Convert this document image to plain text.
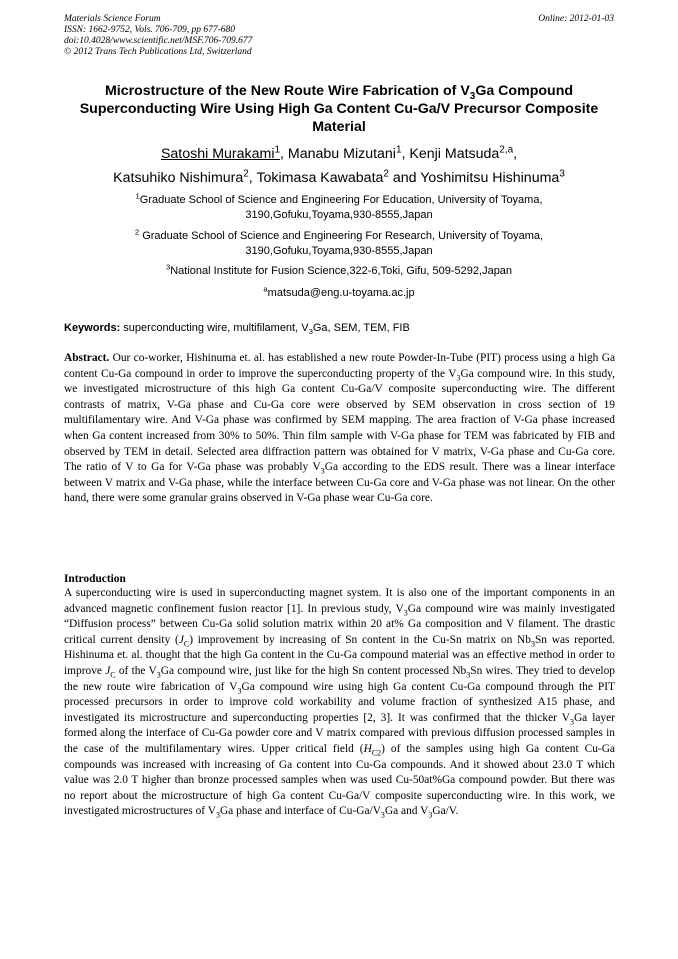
Materials Science Forum
ISSN: 1662-9752, Vols. 706-709, pp 677-680
doi:10.4028/www.scientific.net/MSF.706-709.677
© 2012 Trans Tech Publications Ltd, Switzerland
Online: 2012-01-03
Microstructure of the New Route Wire Fabrication of $V_3Ga$ Compound Superconducting Wire Using High Ga Content Cu-Ga/V Precursor Composite Material
Satoshi Murakami$^1$, Manabu Mizutani$^1$, Kenji Matsuda$^{2,a}$,
Katsuhiko Nishimura$^2$, Tokimasa Kawabata$^2$ and Yoshimitsu Hishinuma$^3$
$^1$Graduate School of Science and Engineering For Education, University of Toyama,
3190,Gofuku,Toyama,930-8555,Japan
$^2$ Graduate School of Science and Engineering For Research, University of Toyama,
3190,Gofuku,Toyama,930-8555,Japan
$^3$National Institute for Fusion Science,322-6,Toki, Gifu, 509-5292,Japan
$^a$matsuda@eng.u-toyama.ac.jp
Keywords: superconducting wire, multifilament, $V_3Ga$, SEM, TEM, FIB
Abstract. Our co-worker, Hishinuma et. al. has established a new route Powder-In-Tube (PIT) process using a high Ga content Cu-Ga compound in order to improve the superconducting property of the $V_3Ga$ compound wire. In this study, we investigated microstructure of this high Ga content Cu-Ga/V composite superconducting wire. The different contrasts of matrix, V-Ga phase and Cu-Ga core were observed by SEM observation in cross section of 19 multifilamentary wire. And V-Ga phase was confirmed by SEM mapping. The area fraction of V-Ga phase increased when Ga content increased from 30% to 50%. Thin film sample with V-Ga phase for TEM was fabricated by FIB and observed by TEM in detail. Selected area diffraction pattern was obtained for V matrix, V-Ga phase and Cu-Ga core. The ratio of V to Ga for V-Ga phase was probably $V_3Ga$ according to the EDS result. There was a linear interface between V matrix and V-Ga phase, while the interface between Cu-Ga core and V-Ga phase was not linear. On the other hand, there were some granular grains observed in V-Ga phase wear Cu-Ga core.
Introduction
A superconducting wire is used in superconducting magnet system. It is also one of the important components in an advanced magnetic confinement fusion reactor [1]. In previous study, $V_3Ga$ compound wire was mainly investigated “Diffusion process” between Cu-Ga solid solution matrix within 20 at% Ga composition and V filament. The drastic critical current density $(J_C)$ improvement by increasing of Sn content in the Cu-Sn matrix on $Nb_3Sn$ was reported. Hishinuma et. al. thought that the high Ga content in the Cu-Ga compound material was an effective method in order to improve $J_C$ of the $V_3Ga$ compound wire, just like for the high Sn content processed $Nb_3Sn$ wires. They tried to develop the new route wire fabrication of $V_3Ga$ compound wire using high Ga content Cu-Ga compound through the PIT processed precursors in order to improve cold workability and volume fraction of synthesized A15 phase, and investigated its microstructure and superconducting properties [2, 3]. It was confirmed that the thicker $V_3Ga$ layer formed along the interface of Cu-Ga powder core and V matrix compared with previous diffusion processed samples in the case of the multifilamentary wires. Upper critical field $(H_{C2})$ of the samples using high Ga content Cu-Ga compounds was increased with increasing of Ga content into Cu-Ga compounds. And it showed about 23.0 T which value was 2.0 T higher than bronze processed samples when was used Cu-50at%Ga compound powder. But there was no report about the microstructure of high Ga content Cu-Ga/V composite superconducting wire. In this work, we investigated microstructures of $V_3Ga$ phase and interface of $Cu-Ga/V_3Ga$ and $V_3Ga/V$.
